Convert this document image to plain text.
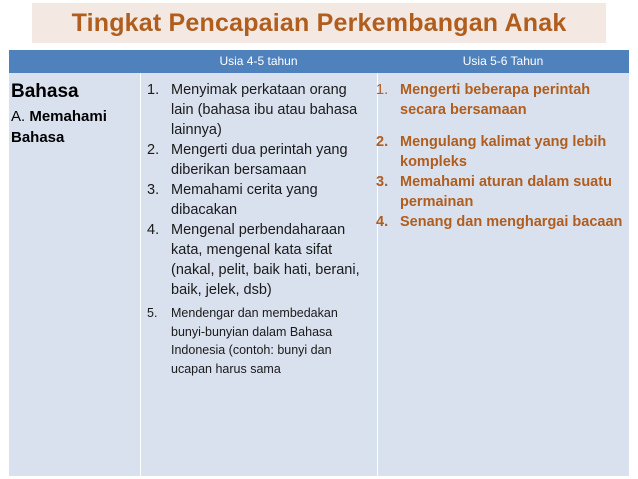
Tingkat Pencapaian Perkembangan Anak
Usia 4-5 tahun	Usia 5-6 Tahun
Bahasa
A. Memahami Bahasa
1. Menyimak perkataan orang lain (bahasa ibu atau bahasa lainnya)
2. Mengerti dua perintah yang diberikan bersamaan
3. Memahami cerita yang dibacakan
4. Mengenal perbendaharaan kata, mengenal kata sifat (nakal, pelit, baik hati, berani, baik, jelek, dsb)
5. Mendengar dan membedakan bunyi-bunyian dalam Bahasa Indonesia (contoh: bunyi dan ucapan harus sama
1. Mengerti beberapa perintah secara bersamaan
2. Mengulang kalimat yang lebih kompleks
3. Memahami aturan dalam suatu permainan
4. Senang dan menghargai bacaan
